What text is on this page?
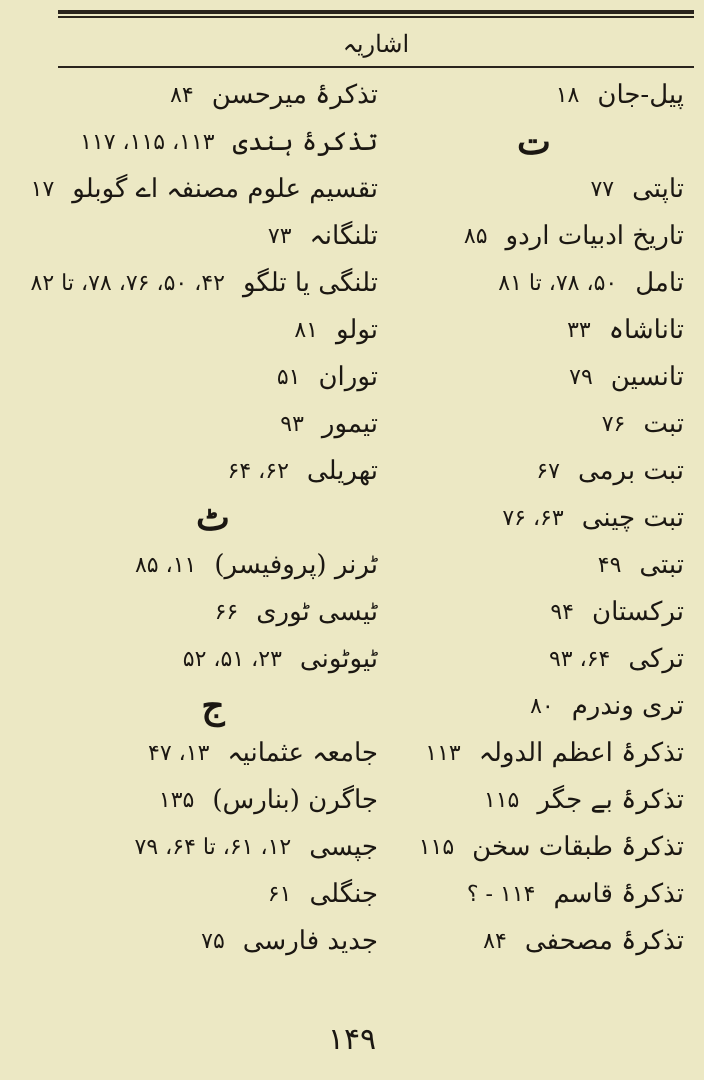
اشاریہ
پیل-جان
۱۸
ت
تاپتی
۷۷
تاریخ ادبیات اردو
۸۵
تامل
۵۰، ۷۸، تا ۸۱
تاناشاہ
۳۳
تانسین
۷۹
تبت
۷۶
تبت برمی
۶۷
تبت چینی
۶۳، ۷۶
تبتی
۴۹
ترکستان
۹۴
ترکی
۶۴، ۹۳
تری وندرم
۸۰
تذکرۂ اعظم الدولہ
۱۱۳
تذکرۂ بے جگر
۱۱۵
تذکرۂ طبقات سخن
۱۱۵
تذکرۂ قاسم
۱۱۴ - ؟
تذکرۂ مصحفی
۸۴
تذکرۂ میرحسن
۸۴
تذکرۂ ہندی
۱۱۳، ۱۱۵، ۱۱۷
تقسیم علوم مصنفہ اے گوبلو
۱۷
تلنگانہ
۷۳
تلنگی یا تلگو
۴۲، ۵۰، ۷۶، ۷۸، تا ۸۲
تولو
۸۱
توران
۵۱
تیمور
۹۳
تھریلی
۶۲، ۶۴
ٹ
ٹرنر (پروفیسر)
۱۱، ۸۵
ٹیسی ٹوری
۶۶
ٹیوٹونی
۲۳، ۵۱، ۵۲
ج
جامعہ عثمانیہ
۱۳، ۴۷
جاگرن (بنارس)
۱۳۵
جپسی
۱۲، ۶۱، تا ۶۴، ۷۹
جنگلی
۶۱
جدید فارسی
۷۵
۱۴۹
